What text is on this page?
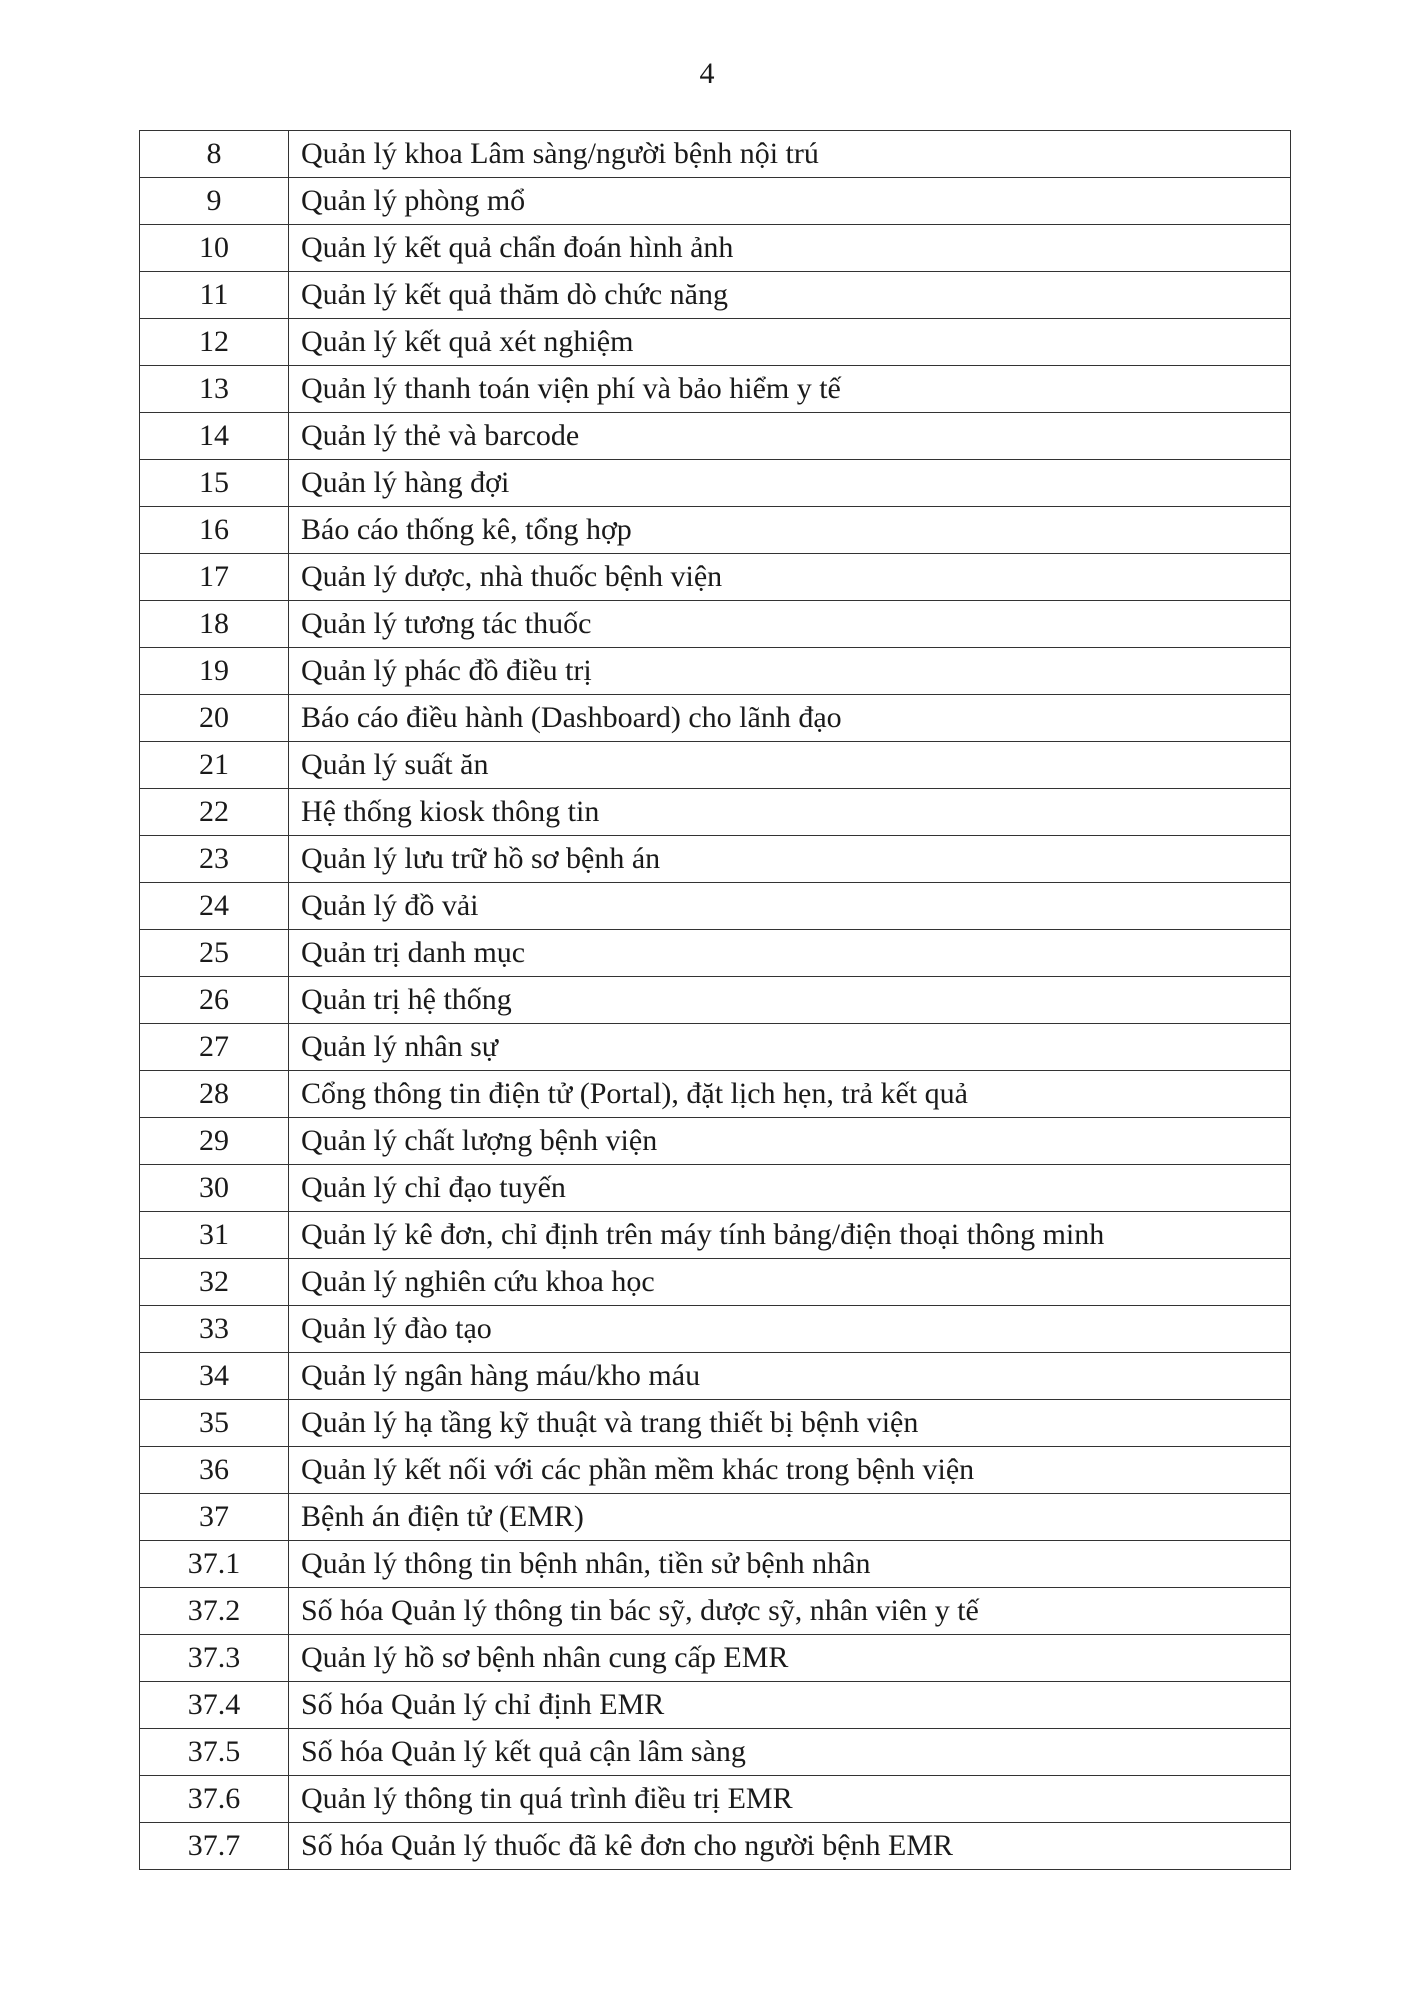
4
8	Quản lý khoa Lâm sàng/người bệnh nội trú
9	Quản lý phòng mổ
10	Quản lý kết quả chẩn đoán hình ảnh
11	Quản lý kết quả thăm dò chức năng
12	Quản lý kết quả xét nghiệm
13	Quản lý thanh toán viện phí và bảo hiểm y tế
14	Quản lý thẻ và barcode
15	Quản lý hàng đợi
16	Báo cáo thống kê, tổng hợp
17	Quản lý dược, nhà thuốc bệnh viện
18	Quản lý tương tác thuốc
19	Quản lý phác đồ điều trị
20	Báo cáo điều hành (Dashboard) cho lãnh đạo
21	Quản lý suất ăn
22	Hệ thống kiosk thông tin
23	Quản lý lưu trữ hồ sơ bệnh án
24	Quản lý đồ vải
25	Quản trị danh mục
26	Quản trị hệ thống
27	Quản lý nhân sự
28	Cổng thông tin điện tử (Portal), đặt lịch hẹn, trả kết quả
29	Quản lý chất lượng bệnh viện
30	Quản lý chỉ đạo tuyến
31	Quản lý kê đơn, chỉ định trên máy tính bảng/điện thoại thông minh
32	Quản lý nghiên cứu khoa học
33	Quản lý đào tạo
34	Quản lý ngân hàng máu/kho máu
35	Quản lý hạ tầng kỹ thuật và trang thiết bị bệnh viện
36	Quản lý kết nối với các phần mềm khác trong bệnh viện
37	Bệnh án điện tử (EMR)
37.1	Quản lý thông tin bệnh nhân, tiền sử bệnh nhân
37.2	Số hóa Quản lý thông tin bác sỹ, dược sỹ, nhân viên y tế
37.3	Quản lý hồ sơ bệnh nhân cung cấp EMR
37.4	Số hóa Quản lý chỉ định EMR
37.5	Số hóa Quản lý kết quả cận lâm sàng
37.6	Quản lý thông tin quá trình điều trị EMR
37.7	Số hóa Quản lý thuốc đã kê đơn cho người bệnh EMR
